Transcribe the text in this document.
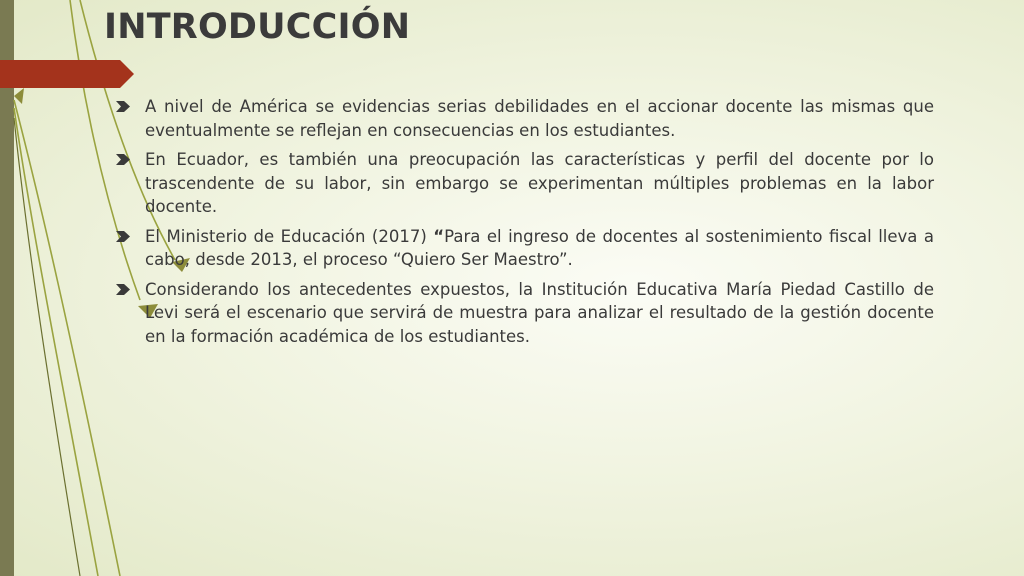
INTRODUCCIÓN
A nivel de América se evidencias serias debilidades en el accionar docente las mismas que eventualmente se reflejan en consecuencias en los estudiantes.
En Ecuador, es también una preocupación las características y perfil del docente por lo trascendente de su labor, sin embargo se experimentan múltiples problemas en la labor docente.
El Ministerio de Educación (2017) “Para el ingreso de docentes al sostenimiento fiscal lleva a cabo, desde 2013, el proceso “Quiero Ser Maestro”.
Considerando los antecedentes expuestos, la Institución Educativa María Piedad Castillo de Levi será el escenario que servirá de muestra para analizar el resultado de la gestión docente en la formación académica de los estudiantes.
